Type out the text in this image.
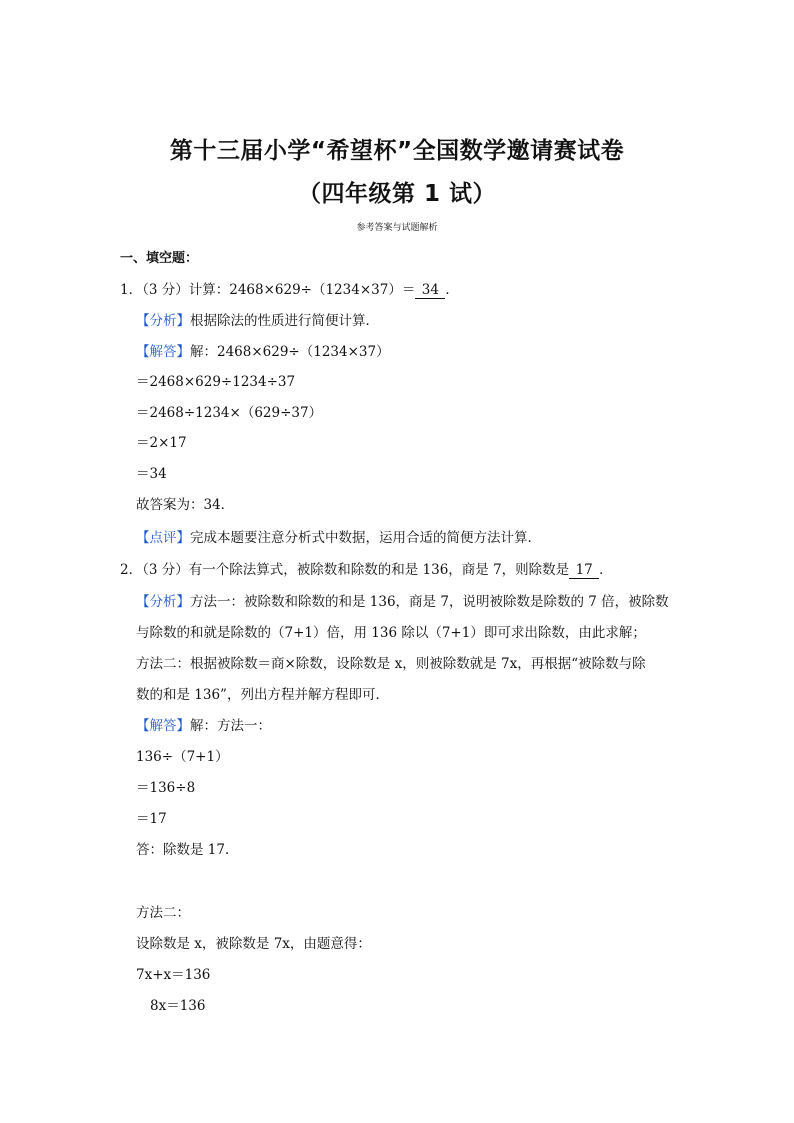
第十三届小学“希望杯”全国数学邀请赛试卷
（四年级第 1 试）
参考答案与试题解析
一、填空题：
1．（3 分）计算：2468×629÷（1234×37）＝ 34 ．
【分析】根据除法的性质进行简便计算．
【解答】解：2468×629÷（1234×37）
＝2468×629÷1234÷37
＝2468÷1234×（629÷37）
＝2×17
＝34
故答案为：34．
【点评】完成本题要注意分析式中数据，运用合适的简便方法计算．
2．（3 分）有一个除法算式，被除数和除数的和是 136，商是 7，则除数是 17 ．
【分析】方法一：被除数和除数的和是 136，商是 7，说明被除数是除数的 7 倍，被除数
与除数的和就是除数的（7+1）倍，用 136 除以（7+1）即可求出除数，由此求解；
方法二：根据被除数＝商×除数，设除数是 x，则被除数就是 7x，再根据“被除数与除
数的和是 136”，列出方程并解方程即可．
【解答】解：方法一：
136÷（7+1）
＝136÷8
＝17
答：除数是 17．
方法二：
设除数是 x，被除数是 7x，由题意得：
7x+x＝136
8x＝136
